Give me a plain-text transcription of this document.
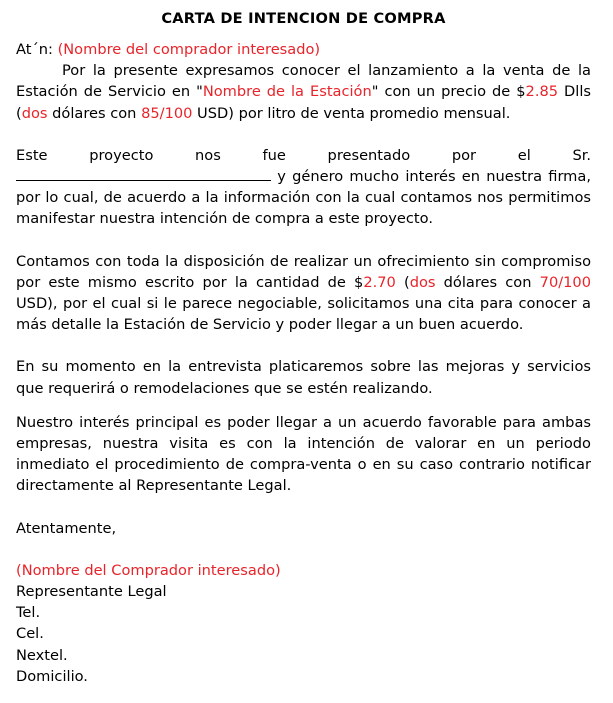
CARTA DE INTENCION DE COMPRA

At´n: (Nombre del comprador interesado)

Por la presente expresamos conocer el lanzamiento a la venta de la Estación de Servicio en "Nombre de la Estación" con un precio de $2.85 Dlls (dos dólares con 85/100 USD) por litro de venta promedio mensual.

Este proyecto nos fue presentado por el Sr.  y género mucho interés en nuestra firma, por lo cual, de acuerdo a la información con la cual contamos nos permitimos manifestar nuestra intención de compra a este proyecto.

Contamos con toda la disposición de realizar un ofrecimiento sin compromiso por este mismo escrito por la cantidad de $2.70 (dos dólares con 70/100 USD), por el cual si le parece negociable, solicitamos una cita para conocer a más detalle la Estación de Servicio y poder llegar a un buen acuerdo.

En su momento en la entrevista platicaremos sobre las mejoras y servicios que requerirá o remodelaciones que se estén realizando.

Nuestro interés principal es poder llegar a un acuerdo favorable para ambas empresas, nuestra visita es con la intención de valorar en un periodo inmediato el procedimiento de compra-venta o en su caso contrario notificar directamente al Representante Legal.

Atentamente,

(Nombre del Comprador interesado)

Representante Legal

Tel.

Cel.

Nextel.

Domicilio.
